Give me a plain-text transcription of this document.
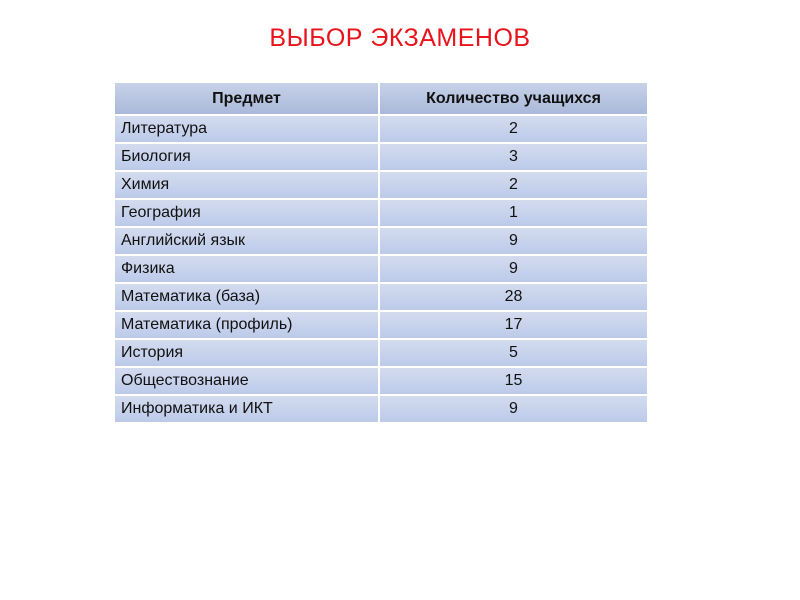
ВЫБОР ЭКЗАМЕНОВ
Предмет	Количество учащихся
Литература	2
Биология	3
Химия	2
География	1
Английский язык	9
Физика	9
Математика (база)	28
Математика (профиль)	17
История	5
Обществознание	15
Информатика и ИКТ	9
